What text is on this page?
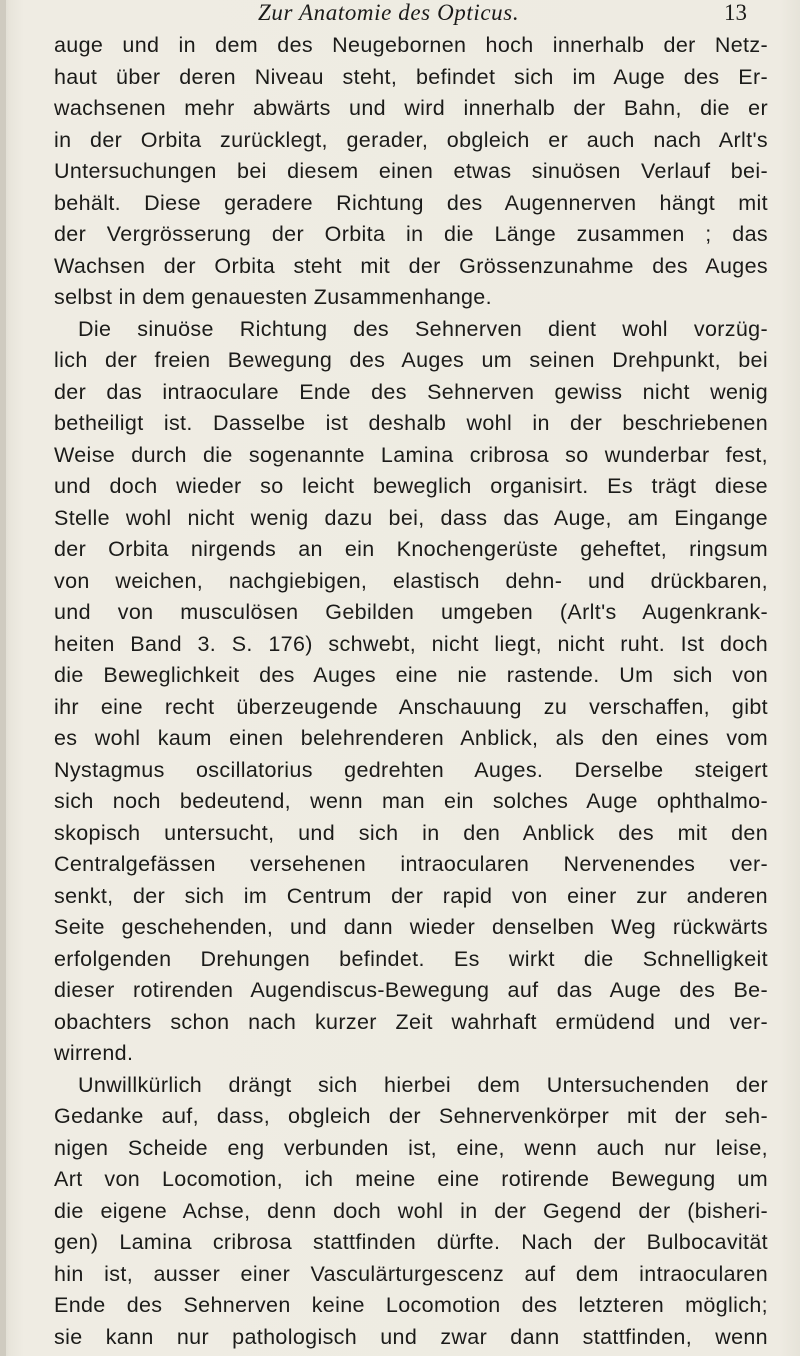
Zur Anatomie des Opticus.	13
auge und in dem des Neugebornen hoch innerhalb der Netz-
haut über deren Niveau steht, befindet sich im Auge des Er-
wachsenen mehr abwärts und wird innerhalb der Bahn, die er
in der Orbita zurücklegt, gerader, obgleich er auch nach Arlt's
Untersuchungen bei diesem einen etwas sinuösen Verlauf bei-
behält. Diese geradere Richtung des Augennerven hängt mit
der Vergrösserung der Orbita in die Länge zusammen ; das
Wachsen der Orbita steht mit der Grössenzunahme des Auges
selbst in dem genauesten Zusammenhange.
Die sinuöse Richtung des Sehnerven dient wohl vorzüg-
lich der freien Bewegung des Auges um seinen Drehpunkt, bei
der das intraoculare Ende des Sehnerven gewiss nicht wenig
betheiligt ist. Dasselbe ist deshalb wohl in der beschriebenen
Weise durch die sogenannte Lamina cribrosa so wunderbar fest,
und doch wieder so leicht beweglich organisirt. Es trägt diese
Stelle wohl nicht wenig dazu bei, dass das Auge, am Eingange
der Orbita nirgends an ein Knochengerüste geheftet, ringsum
von weichen, nachgiebigen, elastisch dehn- und drückbaren,
und von musculösen Gebilden umgeben (Arlt's Augenkrank-
heiten Band 3. S. 176) schwebt, nicht liegt, nicht ruht. Ist doch
die Beweglichkeit des Auges eine nie rastende. Um sich von
ihr eine recht überzeugende Anschauung zu verschaffen, gibt
es wohl kaum einen belehrenderen Anblick, als den eines vom
Nystagmus oscillatorius gedrehten Auges. Derselbe steigert
sich noch bedeutend, wenn man ein solches Auge ophthalmo-
skopisch untersucht, und sich in den Anblick des mit den
Centralgefässen versehenen intraocularen Nervenendes ver-
senkt, der sich im Centrum der rapid von einer zur anderen
Seite geschehenden, und dann wieder denselben Weg rückwärts
erfolgenden Drehungen befindet. Es wirkt die Schnelligkeit
dieser rotirenden Augendiscus-Bewegung auf das Auge des Be-
obachters schon nach kurzer Zeit wahrhaft ermüdend und ver-
wirrend.
Unwillkürlich drängt sich hierbei dem Untersuchenden der
Gedanke auf, dass, obgleich der Sehnervenkörper mit der seh-
nigen Scheide eng verbunden ist, eine, wenn auch nur leise,
Art von Locomotion, ich meine eine rotirende Bewegung um
die eigene Achse, denn doch wohl in der Gegend der (bisheri-
gen) Lamina cribrosa stattfinden dürfte. Nach der Bulbocavität
hin ist, ausser einer Vasculärturgescenz auf dem intraocularen
Ende des Sehnerven keine Locomotion des letzteren möglich;
sie kann nur pathologisch und zwar dann stattfinden, wenn
